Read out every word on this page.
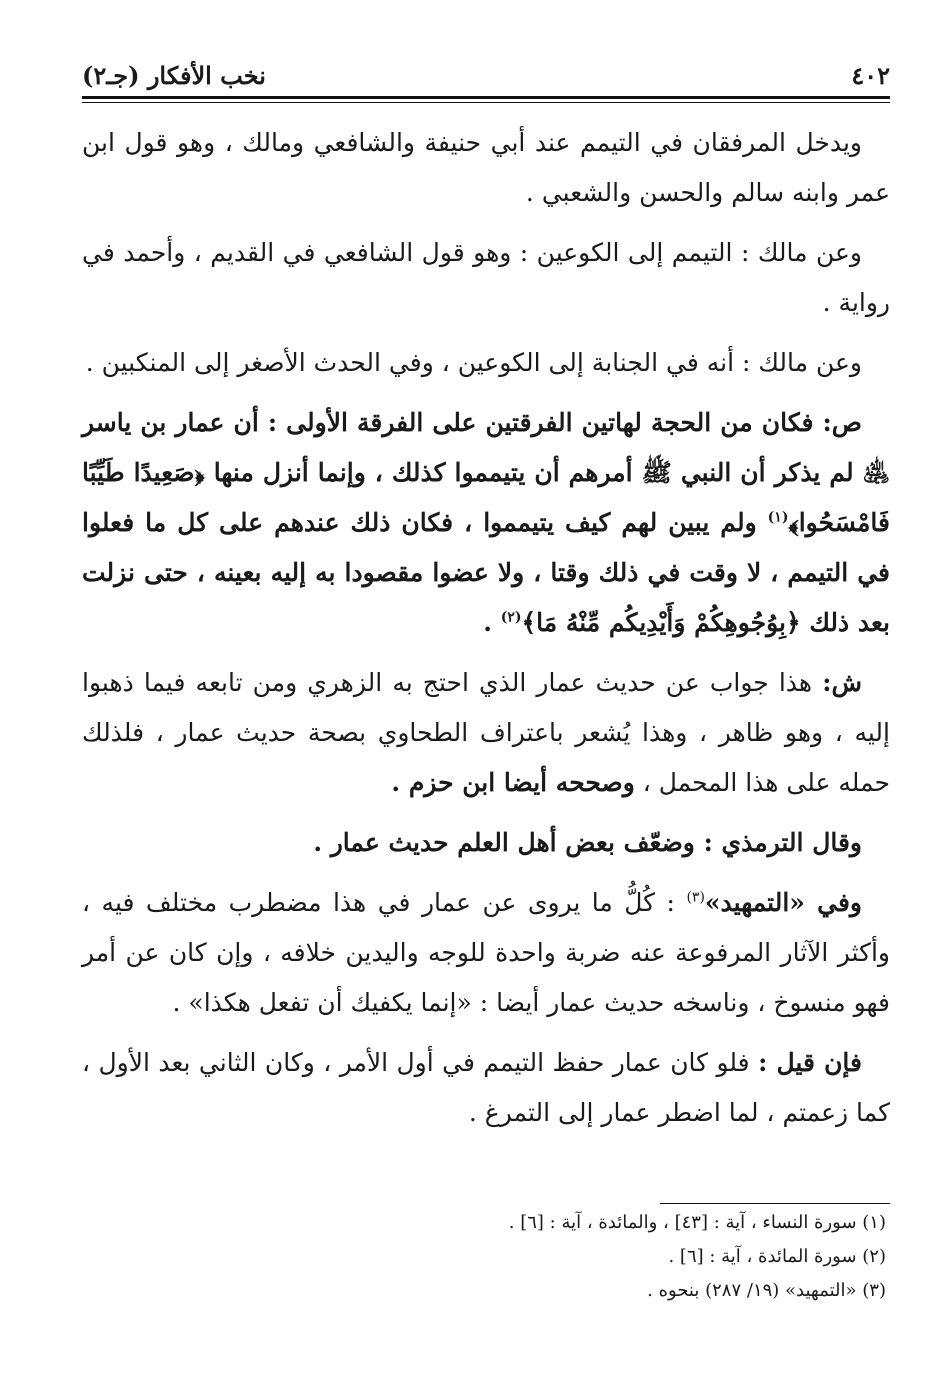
٤٠٢
نخب الأفكار (جـ٢)

ويدخل المرفقان في التيمم عند أبي حنيفة والشافعي ومالك ، وهو قول ابن عمر وابنه سالم والحسن والشعبي .

وعن مالك : التيمم إلى الكوعين : وهو قول الشافعي في القديم ، وأحمد في رواية .

وعن مالك : أنه في الجنابة إلى الكوعين ، وفي الحدث الأصغر إلى المنكبين .

ص: فكان من الحجة لهاتين الفرقتين على الفرقة الأولى : أن عمار بن ياسر ﵁ لم يذكر أن النبي ﷺ أمرهم أن يتيمموا كذلك ، وإنما أنزل منها ﴿صَعِيدًا طَيِّبًا فَامْسَحُوا﴾$^{(١)}$ ولم يبين لهم كيف يتيمموا ، فكان ذلك عندهم على كل ما فعلوا في التيمم ، لا وقت في ذلك وقتا ، ولا عضوا مقصودا به إليه بعينه ، حتى نزلت بعد ذلك ﴿بِوُجُوهِكُمْ وَأَيْدِيكُم مِّنْهُ مَا﴾$^{(٢)}$ .

ش: هذا جواب عن حديث عمار الذي احتج به الزهري ومن تابعه فيما ذهبوا إليه ، وهو ظاهر ، وهذا يُشعر باعتراف الطحاوي بصحة حديث عمار ، فلذلك حمله على هذا المحمل ، وصححه أيضا ابن حزم .

وقال الترمذي : وضعّف بعض أهل العلم حديث عمار .

وفي «التمهيد»$^{(٣)}$ : كُلُّ ما يروى عن عمار في هذا مضطرب مختلف فيه ، وأكثر الآثار المرفوعة عنه ضربة واحدة للوجه واليدين خلافه ، وإن كان عن أمر فهو منسوخ ، وناسخه حديث عمار أيضا : «إنما يكفيك أن تفعل هكذا» .

فإن قيل : فلو كان عمار حفظ التيمم في أول الأمر ، وكان الثاني بعد الأول ، كما زعمتم ، لما اضطر عمار إلى التمرغ .

(١) سورة النساء ، آية : [٤٣] ، والمائدة ، آية : [٦] .
(٢) سورة المائدة ، آية : [٦] .
(٣) «التمهيد» (١٩/ ٢٨٧) بنحوه .
